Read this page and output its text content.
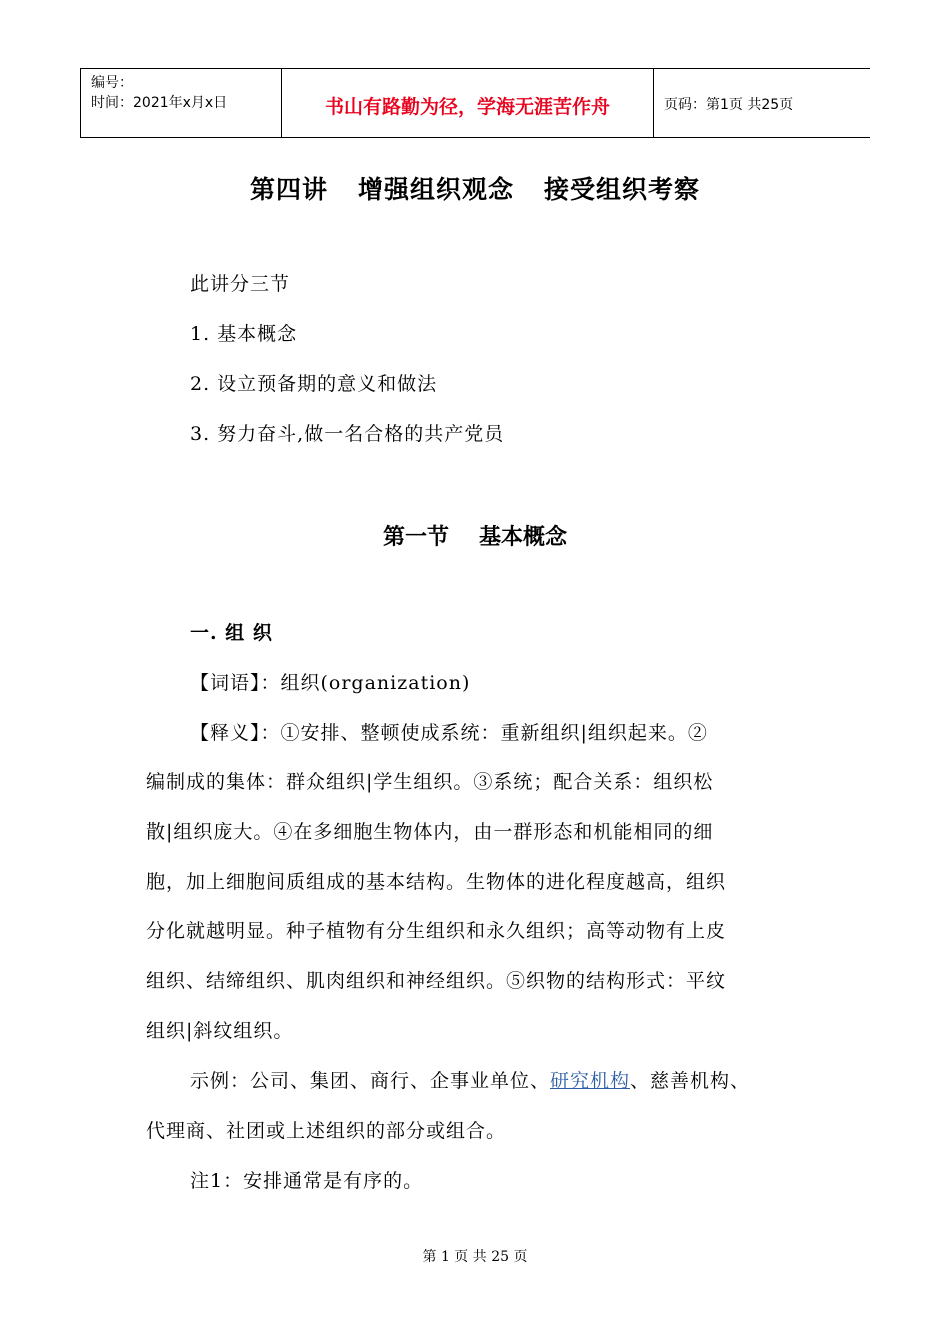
编号：
时间：2021年x月x日	书山有路勤为径，学海无涯苦作舟	页码：第1页 共25页
第四讲 增强组织观念 接受组织考察
此讲分三节
1. 基本概念
2. 设立预备期的意义和做法
3. 努力奋斗,做一名合格的共产党员
第一节 基本概念
一. 组 织
【词语】：组织(organization)
【释义】：①安排、整顿使成系统：重新组织|组织起来。②
编制成的集体：群众组织|学生组织。③系统；配合关系：组织松
散|组织庞大。④在多细胞生物体内，由一群形态和机能相同的细
胞，加上细胞间质组成的基本结构。生物体的进化程度越高，组织
分化就越明显。种子植物有分生组织和永久组织；高等动物有上皮
组织、结缔组织、肌肉组织和神经组织。⑤织物的结构形式：平纹
组织|斜纹组织。
示例：公司、集团、商行、企事业单位、研究机构、慈善机构、
代理商、社团或上述组织的部分或组合。
注1：安排通常是有序的。
第 1 页 共 25 页
